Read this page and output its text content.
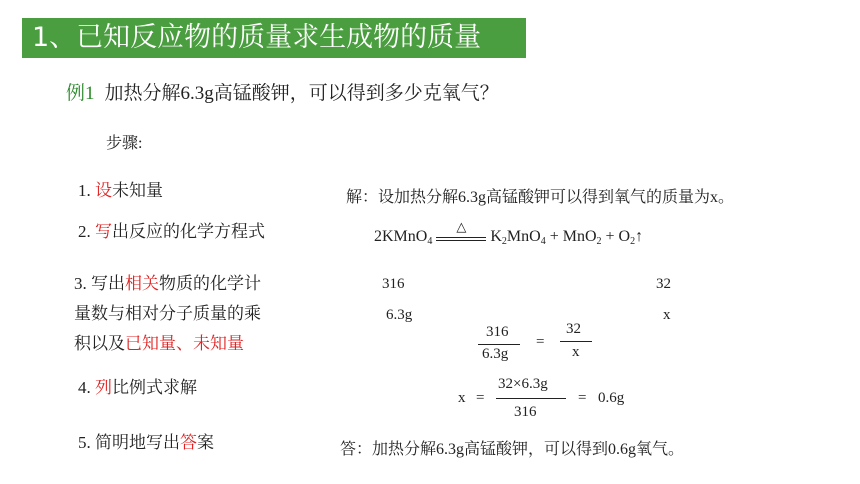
1、已知反应物的质量求生成物的质量
例1 加热分解6.3g高锰酸钾，可以得到多少克氧气？
步骤:
1. 设未知量
2. 写出反应的化学方程式
3. 写出相关物质的化学计
量数与相对分子质量的乘
积以及已知量、未知量
4. 列比例式求解
5. 简明地写出答案
解：设加热分解6.3g高锰酸钾可以得到氧气的质量为x。
2KMnO$_4$
△
$K_2MnO_4 + MnO_2$ + $O_2↑$
316	32
6.3g	x
316
6.3g
=
32
x
x =
32×6.3g
316
= 0.6g
答：加热分解6.3g高锰酸钾，可以得到0.6g氧气。
